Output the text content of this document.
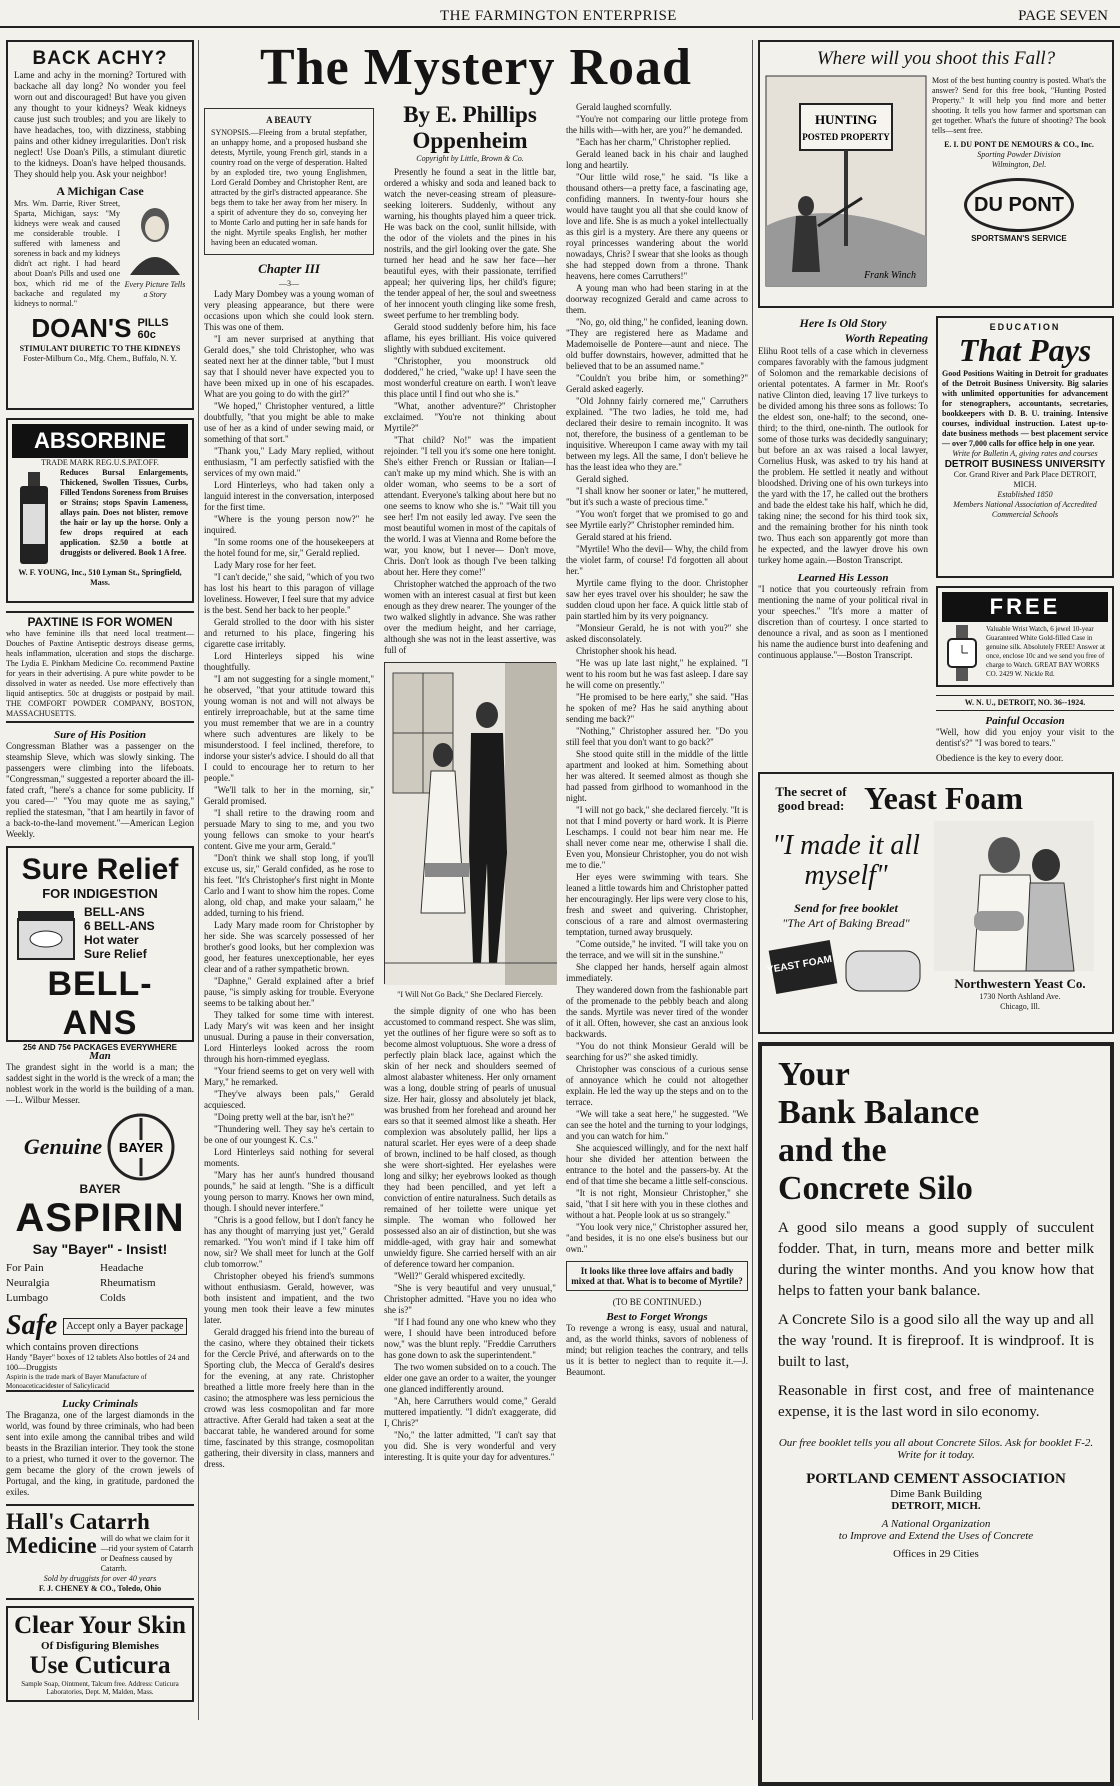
THE FARMINGTON ENTERPRISE	PAGE SEVEN
BACK ACHY?
Lame and achy in the morning? Tortured with backache all day long? No wonder you feel worn out and discouraged! But have you given any thought to your kidneys? Weak kidneys cause just such troubles; and you are likely to have headaches, too, with dizziness, stabbing pains and other kidney irregularities. Don't risk neglect! Use Doan's Pills, a stimulant diuretic to the kidneys. Doan's have helped thousands. They should help you. Ask your neighbor!
A Michigan Case
Mrs. Wm. Darrie, River Street, Sparta, Michigan, says: "My kidneys were weak and caused me considerable trouble. I suffered with lameness and soreness in back and my kidneys didn't act right. I had heard about Doan's Pills and used one box, which rid me of the backache and regulated my kidneys to normal."
Every Picture Tells a Story
DOAN'S PILLS
60c
STIMULANT DIURETIC TO THE KIDNEYS
Foster-Milburn Co., Mfg. Chem., Buffalo, N. Y.
ABSORBINE
TRADE MARK REG.U.S.PAT.OFF.
Reduces Bursal Enlargements, Thickened, Swollen Tissues, Curbs, Filled Tendons Soreness from Bruises or Strains; stops Spavin Lameness, allays pain. Does not blister, remove the hair or lay up the horse. Only a few drops required at each application. $2.50 a bottle at druggists or delivered. Book 1 A free.
W. F. YOUNG, Inc., 510 Lyman St., Springfield, Mass.
PAXTINE IS FOR WOMEN
who have feminine ills that need local treatment—Douches of Paxtine Antiseptic destroys disease germs, heals inflammation, ulceration and stops the discharge. The Lydia E. Pinkham Medicine Co. recommend Paxtine for years in their advertising. A pure white powder to be dissolved in water as needed. Use more effectively than liquid antiseptics. 50c at druggists or postpaid by mail. THE COMFORT POWDER COMPANY, BOSTON, MASSACHUSETTS.
Sure of His Position
Congressman Blather was a passenger on the steamship Sleve, which was slowly sinking. The passengers were climbing into the lifeboats. "Congressman," suggested a reporter aboard the ill-fated craft, "here's a chance for some publicity. If you cared—" "You may quote me as saying," replied the statesman, "that I am heartily in favor of a back-to-the-land movement."—American Legion Weekly.
Sure Relief
FOR INDIGESTION
BELL-ANS
6 BELL-ANS
Hot water
Sure Relief
BELL-ANS
25¢ AND 75¢ PACKAGES EVERYWHERE
Man
The grandest sight in the world is a man; the saddest sight in the world is the wreck of a man; the noblest work in the world is the building of a man.—L. Wilbur Messer.
Genuine BAYER
BAYER
ASPIRIN
Say "Bayer" - Insist!
For Pain	Headache
Neuralgia	Rheumatism
Lumbago	Colds
Safe Accept only a Bayer package
which contains proven directions
Handy "Bayer" boxes of 12 tablets Also bottles of 24 and 100—Druggists
Aspirin is the trade mark of Bayer Manufacture of Monoaceticacidester of Salicylicacid
Lucky Criminals
The Braganza, one of the largest diamonds in the world, was found by three criminals, who had been sent into exile among the cannibal tribes and wild beasts in the Brazilian interior. They took the stone to a priest, who turned it over to the governor. The gem became the glory of the crown jewels of Portugal, and the king, in gratitude, pardoned the exiles.
Hall's Catarrh
Medicine will do what we claim for it—rid your system of Catarrh or Deafness caused by Catarrh.
Sold by druggists for over 40 years
F. J. CHENEY & CO., Toledo, Ohio
Clear Your Skin
Of Disfiguring Blemishes
Use Cuticura
Sample Soap, Ointment, Talcum free. Address: Cuticura Laboratories, Dept. M, Malden, Mass.
The Mystery Road
A BEAUTY
SYNOPSIS.—Fleeing from a brutal stepfather, an unhappy home, and a proposed husband she detests, Myrtile, young French girl, stands in a country road on the verge of desperation. Halted by an exploded tire, two young Englishmen, Lord Gerald Dombey and Christopher Rent, are attracted by the girl's distracted appearance. She begs them to take her away from her misery. In a spirit of adventure they do so, conveying her to Monte Carlo and putting her in safe hands for the night. Myrtile speaks English, her mother having been an educated woman.
Chapter III
—3—

Lady Mary Dombey was a young woman of very pleasing appearance, but there were occasions upon which she could look stern. This was one of them.

"I am never surprised at anything that Gerald does," she told Christopher, who was seated next her at the dinner table, "but I must say that I should never have expected you to have been mixed up in one of his escapades. What are you going to do with the girl?"

"We hoped," Christopher ventured, a little doubtfully, "that you might be able to make use of her as a kind of under sewing maid, or something of that sort."

"Thank you," Lady Mary replied, without enthusiasm, "I am perfectly satisfied with the services of my own maid."

Lord Hinterleys, who had taken only a languid interest in the conversation, interposed for the first time.

"Where is the young person now?" he inquired.

"In some rooms one of the housekeepers at the hotel found for me, sir," Gerald replied.

Lady Mary rose for her feet.

"I can't decide," she said, "which of you two has lost his heart to this paragon of village loveliness. However, I feel sure that my advice is the best. Send her back to her people."

Gerald strolled to the door with his sister and returned to his place, fingering his cigarette case irritably.

Lord Hinterleys sipped his wine thoughtfully.

"I am not suggesting for a single moment," he observed, "that your attitude toward this young woman is not and will not always be entirely irreproachable, but at the same time you must remember that we are in a country where such adventures are likely to be misunderstood. I feel inclined, therefore, to indorse your sister's advice. I should do all that I could to encourage her to return to her people."

"We'll talk to her in the morning, sir," Gerald promised.

"I shall retire to the drawing room and persuade Mary to sing to me, and you two young fellows can smoke to your heart's content. Give me your arm, Gerald."

"Don't think we shall stop long, if you'll excuse us, sir," Gerald confided, as he rose to his feet. "It's Christopher's first night in Monte Carlo and I want to show him the ropes. Come along, old chap, and make your salaam," he added, turning to his friend.

Lady Mary made room for Christopher by her side. She was scarcely possessed of her brother's good looks, but her complexion was good, her features unexceptionable, her eyes clear and of a rather sympathetic brown.

"Daphne," Gerald explained after a brief pause, "is simply asking for trouble. Everyone seems to be talking about her."

They talked for some time with interest. Lady Mary's wit was keen and her insight unusual. During a pause in their conversation, Lord Hinterleys looked across the room through his horn-rimmed eyeglass.

"Your friend seems to get on very well with Mary," he remarked.

"They've always been pals," Gerald acquiesced.

"Doing pretty well at the bar, isn't he?"

"Thundering well. They say he's certain to be one of our youngest K. C.s."

Lord Hinterleys said nothing for several moments.

"Mary has her aunt's hundred thousand pounds," he said at length. "She is a difficult young person to marry. Knows her own mind, though. I should never interfere."

"Chris is a good fellow, but I don't fancy he has any thought of marrying just yet," Gerald remarked. "You won't mind if I take him off now, sir? We shall meet for lunch at the Golf club tomorrow."

Christopher obeyed his friend's summons without enthusiasm. Gerald, however, was both insistent and impatient, and the two young men took their leave a few minutes later.

Gerald dragged his friend into the bureau of the casino, where they obtained their tickets for the Cercle Privé, and afterwards on to the Sporting club, the Mecca of Gerald's desires for the evening, at any rate. Christopher breathed a little more freely here than in the casino; the atmosphere was less pernicious the crowd was less cosmopolitan and far more attractive. After Gerald had taken a seat at the baccarat table, he wandered around for some time, fascinated by this strange, cosmopolitan gathering, their diversity in class, manners and dress.

By E. Phillips Oppenheim
Copyright by Little, Brown & Co.

Presently he found a seat in the little bar, ordered a whisky and soda and leaned back to watch the never-ceasing stream of pleasure-seeking loiterers. Suddenly, without any warning, his thoughts played him a queer trick. He was back on the cool, sunlit hillside, with the odor of the violets and the pines in his nostrils, and the girl looking over the gate. She turned her head and he saw her face—her beautiful eyes, with their passionate, terrified appeal; her quivering lips, her child's figure; the tender appeal of her, the soul and sweetness of her innocent youth clinging like some fresh, sweet perfume to her trembling body.

Gerald stood suddenly before him, his face aflame, his eyes brilliant. His voice quivered slightly with subdued excitement.

"Christopher, you moonstruck old doddered," he cried, "wake up! I have seen the most wonderful creature on earth. I won't leave this place until I find out who she is."

"What, another adventure?" Christopher exclaimed. "You're not thinking about Myrtile?"

"That child? No!" was the impatient rejoinder. "I tell you it's some one here tonight. She's either French or Russian or Italian—I can't make up my mind which. She is with an older woman, who seems to be a sort of attendant. Everyone's talking about here but no one seems to know who she is." "Wait till you see her! I'm not easily led away. I've seen the most beautiful women in most of the capitals of the world. I was at Vienna and Rome before the war, you know, but I never— Don't move, Chris. Don't look as though I've been talking about her. Here they come!"

Christopher watched the approach of the two women with an interest casual at first but keen enough as they drew nearer. The younger of the two walked slightly in advance. She was rather over the medium height, and her carriage, although she was not in the least assertive, was full of

"I Will Not Go Back," She Declared Fiercely.

the simple dignity of one who has been accustomed to command respect. She was slim, yet the outlines of her figure were so soft as to become almost voluptuous. She wore a dress of perfectly plain black lace, against which the skin of her neck and shoulders seemed of almost alabaster whiteness. Her only ornament was a long, double string of pearls of unusual size. Her hair, glossy and absolutely jet black, was brushed from her forehead and around her ears so that it seemed almost like a sheath. Her complexion was absolutely pallid, her lips a natural scarlet. Her eyes were of a deep shade of brown, inclined to be half closed, as though she were short-sighted. Her eyelashes were long and silky; her eyebrows looked as though they had been pencilled, and yet left a conviction of entire naturalness. Such details as remained of her toilette were unique yet simple. The woman who followed her possessed also an air of distinction, but she was middle-aged, with gray hair and somewhat unwieldy figure. She carried herself with an air of deference toward her companion.

"Well?" Gerald whispered excitedly.

"She is very beautiful and very unusual," Christopher admitted. "Have you no idea who she is?"

"If I had found any one who knew who they were, I should have been introduced before now," was the blunt reply. "Freddie Carruthers has gone down to ask the superintendent."

The two women subsided on to a couch. The elder one gave an order to a waiter, the younger one glanced indifferently around.

"Ah, here Carruthers would come," Gerald muttered impatiently. "I didn't exaggerate, did I, Chris?"

"No," the latter admitted, "I can't say that you did. She is very wonderful and very interesting. It is quite your day for adventures."

Gerald laughed scornfully.

"You're not comparing our little protege from the hills with—with her, are you?" he demanded.

"Each has her charm," Christopher replied.

Gerald leaned back in his chair and laughed long and heartily.

"Our little wild rose," he said. "Is like a thousand others—a pretty face, a fascinating age, confiding manners. In twenty-four hours she would have taught you all that she could know of love and life. She is as much a yokel intellectually as this girl is a mystery. Are there any queens or royal princesses wandering about the world nowadays, Chris? I swear that she looks as though she had stepped down from a throne. Thank heavens, here comes Carruthers!"

A young man who had been staring in at the doorway recognized Gerald and came across to them.

"No, go, old thing," he confided, leaning down. "They are registered here as Madame and Mademoiselle de Pontere—aunt and niece. The old buffer downstairs, however, admitted that he believed that to be an assumed name."

"Couldn't you bribe him, or something?" Gerald asked eagerly.

"Old Johnny fairly cornered me," Carruthers explained. "The two ladies, he told me, had declared their desire to remain incognito. It was not, therefore, the business of a gentleman to be inquisitive. Whereupon I came away with my tail between my legs. All the same, I don't believe he has the least idea who they are."

Gerald sighed.

"I shall know her sooner or later," he muttered, "but it's such a waste of precious time."

"You won't forget that we promised to go and see Myrtile early?" Christopher reminded him.

Gerald stared at his friend.

"Myrtile! Who the devil— Why, the child from the violet farm, of course! I'd forgotten all about her."

Myrtile came flying to the door. Christopher saw her eyes travel over his shoulder; he saw the sudden cloud upon her face. A quick little stab of pain startled him by its very poignancy.

"Monsieur Gerald, he is not with you?" she asked disconsolately.

Christopher shook his head.

"He was up late last night," he explained. "I went to his room but he was fast asleep. I dare say he will come on presently."

"He promised to be here early," she said. "Has he spoken of me? Has he said anything about sending me back?"

"Nothing," Christopher assured her. "Do you still feel that you don't want to go back?"

She stood quite still in the middle of the little apartment and looked at him. Something about her was altered. It seemed almost as though she had passed from girlhood to womanhood in the night.

"I will not go back," she declared fiercely. "It is not that I mind poverty or hard work. It is Pierre Leschamps. I could not bear him near me. He shall never come near me, otherwise I shall die. Even you, Monsieur Christopher, you do not wish me to die."

Her eyes were swimming with tears. She leaned a little towards him and Christopher patted her encouragingly. Her lips were very close to his, fresh and sweet and quivering. Christopher, conscious of a rare and almost overmastering temptation, turned away brusquely.

"Come outside," he invited. "I will take you on the terrace, and we will sit in the sunshine."

She clapped her hands, herself again almost immediately.

They wandered down from the fashionable part of the promenade to the pebbly beach and along the sands. Myrtile was never tired of the wonder of it all. Often, however, she cast an anxious look backwards.

"You do not think Monsieur Gerald will be searching for us?" she asked timidly.

Christopher was conscious of a curious sense of annoyance which he could not altogether explain. He led the way up the steps and on to the terrace.

"We will take a seat here," he suggested. "We can see the hotel and the turning to your lodgings, and you can watch for him."

She acquiesced willingly, and for the next half hour she divided her attention between the entrance to the hotel and the passers-by. At the end of that time she became a little self-conscious.

"It is not right, Monsieur Christopher," she said, "that I sit here with you in these clothes and without a hat. People look at us so strangely."

"You look very nice," Christopher assured her, "and besides, it is no one else's business but our own."

It looks like three love affairs and badly mixed at that. What is to become of Myrtile?
(TO BE CONTINUED.)
Best to Forget Wrongs
To revenge a wrong is easy, usual and natural, and, as the world thinks, savors of nobleness of mind; but religion teaches the contrary, and tells us it is better to neglect than to requite it.—J. Beaumont.
Where will you shoot this Fall?
HUNTING
POSTED PROPERTY
Frank Winch
Most of the best hunting country is posted. What's the answer? Send for this free book, "Hunting Posted Property." It will help you find more and better shooting. It tells you how farmer and sportsman can get together. What's the future of shooting? The book tells—sent free.
E. I. DU PONT DE NEMOURS & CO., Inc.
Sporting Powder Division
Wilmington, Del.
DU PONT
SPORTSMAN'S SERVICE
Here Is Old Story
Worth Repeating
Elihu Root tells of a case which in cleverness compares favorably with the famous judgment of Solomon and the remarkable decisions of oriental potentates. A farmer in Mr. Root's native Clinton died, leaving 17 live turkeys to be divided among his three sons as follows: To the eldest son, one-half; to the second, one-third; to the third, one-ninth. The outlook for some of those turks was decidedly sanguinary; but before an ax was raised a local lawyer, Cornelius Husk, was asked to try his hand at the problem. He settled it neatly and without bloodshed. Driving one of his own turkeys into the yard with the 17, he called out the brothers and bade the eldest take his half, which he did, taking nine; the second for his third took six, and the remaining brother for his ninth took two. Thus each son apparently got more than he expected, and the lawyer drove his own turkey home again.—Boston Transcript.
Learned His Lesson
"I notice that you courteously refrain from mentioning the name of your political rival in your speeches." "It's more a matter of discretion than of courtesy. I once started to denounce a rival, and as soon as I mentioned his name the audience burst into deafening and continuous applause."—Boston Transcript.
EDUCATION
That Pays
Good Positions Waiting in Detroit for graduates of the Detroit Business University. Big salaries with unlimited opportunities for advancement for stenographers, accountants, secretaries, bookkeepers with D. B. U. training. Intensive courses, individual instruction. Latest up-to-date business methods — best placement service — over 7,000 calls for office help in one year.
Write for Bulletin A, giving rates and courses
DETROIT BUSINESS UNIVERSITY
Cor. Grand River and Park Place DETROIT, MICH.
Established 1850
Members National Association of Accredited Commercial Schools
FREE
Valuable Wrist Watch, 6 jewel 10-year Guaranteed White Gold-filled Case in genuine silk. Absolutely FREE! Answer at once, enclose 10c and we send you free of charge to Watch. GREAT BAY WORKS CO. 2429 W. Nickle Rd.
W. N. U., DETROIT, NO. 36--1924.
Painful Occasion
"Well, how did you enjoy your visit to the dentist's?" "I was bored to tears."
Obedience is the key to every door.
The secret of good bread: Yeast Foam
"I made it all myself"
Send for free booklet
"The Art of Baking Bread"
YEAST FOAM
Northwestern Yeast Co.
1730 North Ashland Ave.
Chicago, Ill.
Your
Bank Balance
and the
Concrete Silo

A good silo means a good supply of succulent fodder. That, in turn, means more and better milk during the winter months. And you know how that helps to fatten your bank balance.

A Concrete Silo is a good silo all the way up and all the way 'round. It is fireproof. It is windproof. It is built to last,

Reasonable in first cost, and free of maintenance expense, it is the last word in silo economy.

Our free booklet tells you all about Concrete Silos. Ask for booklet F-2. Write for it today.
PORTLAND CEMENT ASSOCIATION
Dime Bank Building
DETROIT, MICH.
A National Organization
to Improve and Extend the Uses of Concrete
Offices in 29 Cities
